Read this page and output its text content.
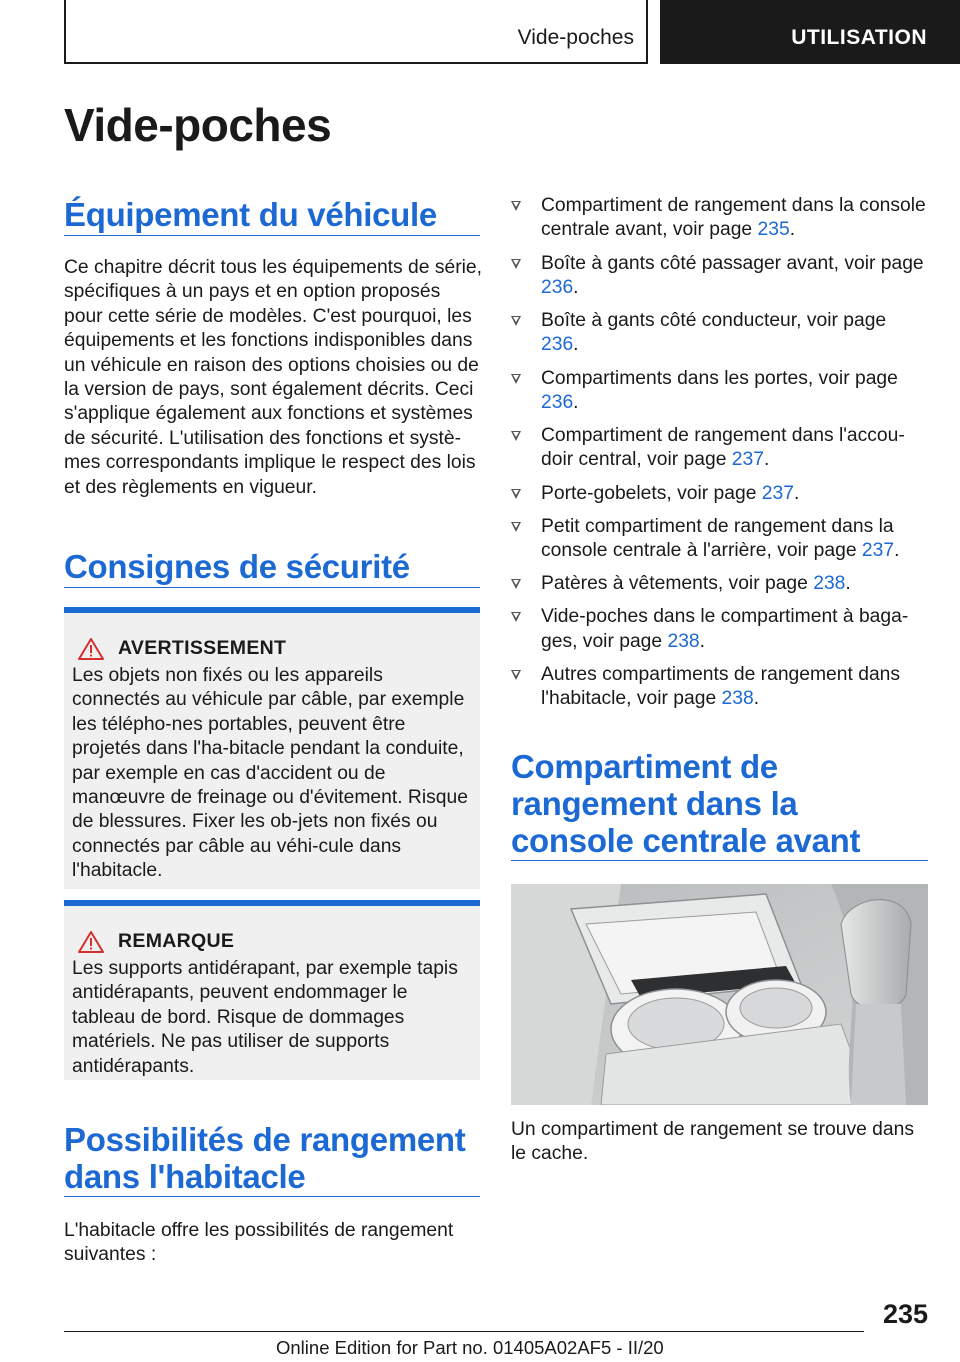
Vide-poches	UTILISATION
Vide-poches
Équipement du véhicule

Ce chapitre décrit tous les équipements de série, spécifiques à un pays et en option proposés pour cette série de modèles. C'est pourquoi, les équipements et les fonctions indisponibles dans un véhicule en raison des options choisies ou de la version de pays, sont également décrits. Ceci s'applique également aux fonctions et systèmes de sécurité. L'utilisation des fonctions et systè-mes correspondants implique le respect des lois et des règlements en vigueur.

Consignes de sécurité
AVERTISSEMENT
Les objets non fixés ou les appareils connectés au véhicule par câble, par exemple les télépho-nes portables, peuvent être projetés dans l'ha-bitacle pendant la conduite, par exemple en cas d'accident ou de manœuvre de freinage ou d'évitement. Risque de blessures. Fixer les ob-jets non fixés ou connectés par câble au véhi-cule dans l'habitacle.
REMARQUE
Les supports antidérapant, par exemple tapis antidérapants, peuvent endommager le tableau de bord. Risque de dommages matériels. Ne pas utiliser de supports antidérapants.
Possibilités de rangement dans l'habitacle

L'habitacle offre les possibilités de rangement suivantes :

Compartiment de rangement dans la console centrale avant, voir page 235.
Boîte à gants côté passager avant, voir page 236.
Boîte à gants côté conducteur, voir page 236.
Compartiments dans les portes, voir page 236.
Compartiment de rangement dans l'accou-doir central, voir page 237.
Porte-gobelets, voir page 237.
Petit compartiment de rangement dans la console centrale à l'arrière, voir page 237.
Patères à vêtements, voir page 238.
Vide-poches dans le compartiment à baga-ges, voir page 238.
Autres compartiments de rangement dans l'habitacle, voir page 238.
Compartiment de rangement dans la console centrale avant

Un compartiment de rangement se trouve dans le cache.

235
Online Edition for Part no. 01405A02AF5 - II/20
